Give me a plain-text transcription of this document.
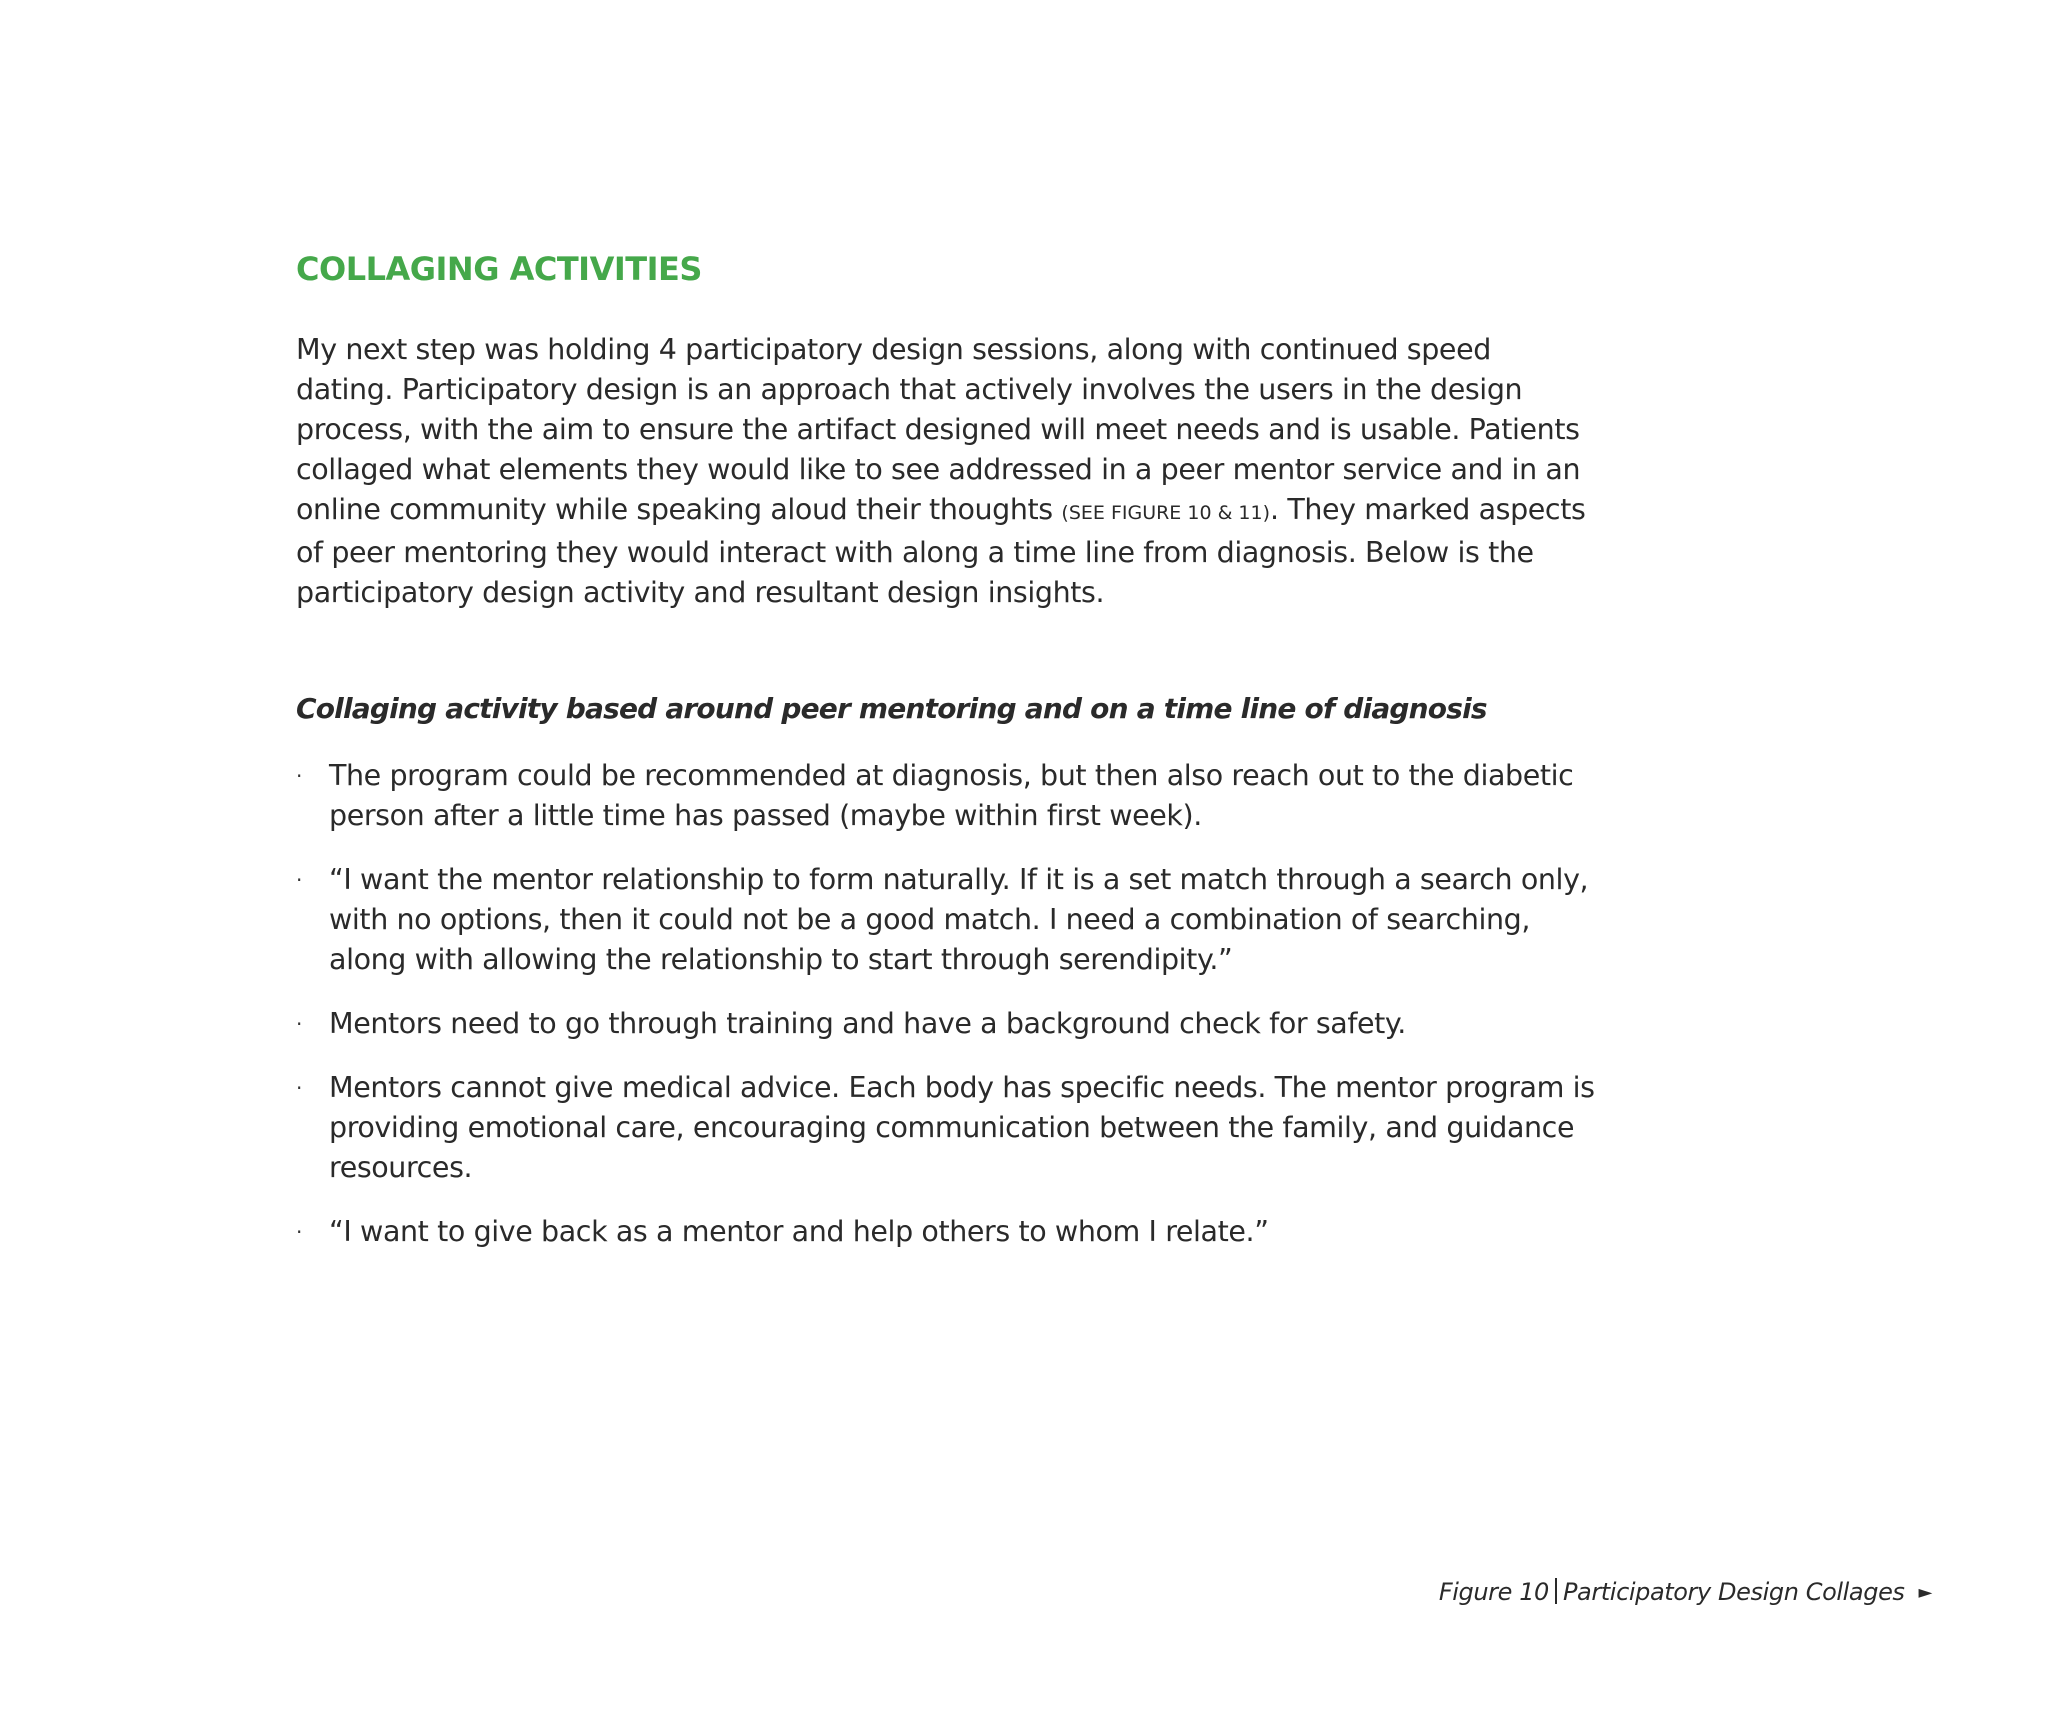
COLLAGING ACTIVITIES

My next step was holding 4 participatory design sessions, along with continued speed dating. Participatory design is an approach that actively involves the users in the design process, with the aim to ensure the artifact designed will meet needs and is usable. Patients collaged what elements they would like to see addressed in a peer mentor service and in an online community while speaking aloud their thoughts (SEE FIGURE 10 & 11). They marked aspects of peer mentoring they would interact with along a time line from diagnosis. Below is the participatory design activity and resultant design insights.

Collaging activity based around peer mentoring and on a time line of diagnosis
· The program could be recommended at diagnosis, but then also reach out to the diabetic person after a little time has passed (maybe within first week).
· “I want the mentor relationship to form naturally. If it is a set match through a search only, with no options, then it could not be a good match. I need a combination of searching, along with allowing the relationship to start through serendipity.”
· Mentors need to go through training and have a background check for safety.
· Mentors cannot give medical advice. Each body has specific needs. The mentor program is providing emotional care, encouraging communication between the family, and guidance resources.
· “I want to give back as a mentor and help others to whom I relate.”
Figure 10 Participatory Design Collages ►
